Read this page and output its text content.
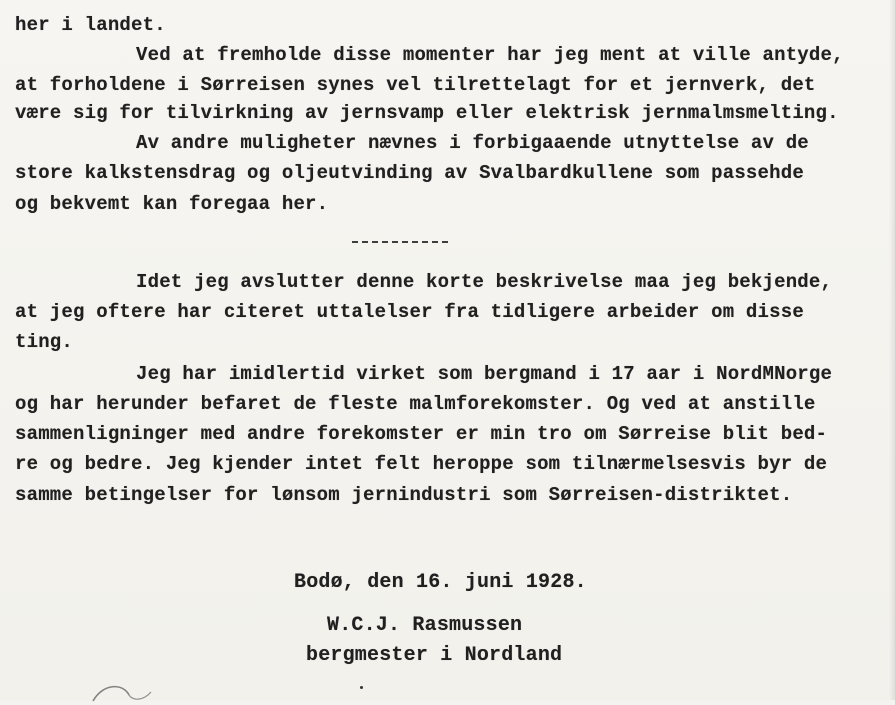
her i landet.
Ved at fremholde disse momenter har jeg ment at ville antyde,
at forholdene i Sørreisen synes vel tilrettelagt for et jernverk, det
være sig for tilvirkning av jernsvamp eller elektrisk jernmalmsmelting.
Av andre muligheter nævnes i forbigaaende utnyttelse av de
store kalkstensdrag og oljeutvinding av Svalbardkullene som passehde
og bekvemt kan foregaa her.
Idet jeg avslutter denne korte beskrivelse maa jeg bekjende,
at jeg oftere har citeret uttalelser fra tidligere arbeider om disse
ting.
Jeg har imidlertid virket som bergmand i 17 aar i NordMNorge
og har herunder befaret de fleste malmforekomster. Og ved at anstille
sammenligninger med andre forekomster er min tro om Sørreise blit bed-
re og bedre. Jeg kjender intet felt heroppe som tilnærmelsesvis byr de
samme betingelser for lønsom jernindustri som Sørreisen-distriktet.
Bodø, den 16. juni 1928.
W.C.J. Rasmussen
bergmester i Nordland
